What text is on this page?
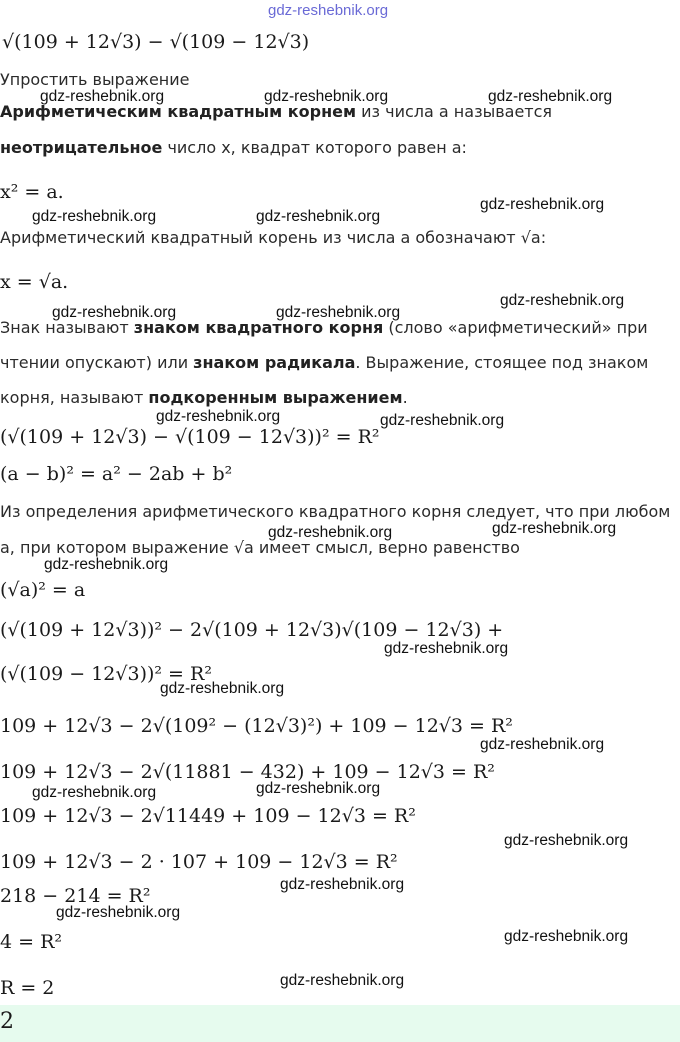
gdz-reshebnik.org
√(109 + 12√3) − √(109 − 12√3)
Упростить выражение
Арифметическим квадратным корнем из числа a называется
неотрицательное число x, квадрат которого равен a:
x² = a.
Арифметический квадратный корень из числа a обозначают √a:
x = √a.
Знак называют знаком квадратного корня (слово «арифметический» при
чтении опускают) или знаком радикала. Выражение, стоящее под знаком
корня, называют подкоренным выражением.
(√(109 + 12√3) − √(109 − 12√3))² = R²
(a − b)² = a² − 2ab + b²
Из определения арифметического квадратного корня следует, что при любом
a, при котором выражение √a имеет смысл, верно равенство
(√a)² = a
(√(109 + 12√3))² − 2√(109 + 12√3)√(109 − 12√3) +
(√(109 − 12√3))² = R²
109 + 12√3 − 2√(109² − (12√3)²) + 109 − 12√3 = R²
109 + 12√3 − 2√(11881 − 432) + 109 − 12√3 = R²
109 + 12√3 − 2√11449 + 109 − 12√3 = R²
109 + 12√3 − 2 · 107 + 109 − 12√3 = R²
218 − 214 = R²
4 = R²
R = 2
2
gdz-reshebnik.org	gdz-reshebnik.org	gdz-reshebnik.org
gdz-reshebnik.org	gdz-reshebnik.org
gdz-reshebnik.org
gdz-reshebnik.org	gdz-reshebnik.org
gdz-reshebnik.org
gdz-reshebnik.org	gdz-reshebnik.org
gdz-reshebnik.org	gdz-reshebnik.org
gdz-reshebnik.org
gdz-reshebnik.org
gdz-reshebnik.org
gdz-reshebnik.org
gdz-reshebnik.org	gdz-reshebnik.org
gdz-reshebnik.org
gdz-reshebnik.org
gdz-reshebnik.org
gdz-reshebnik.org
gdz-reshebnik.org
